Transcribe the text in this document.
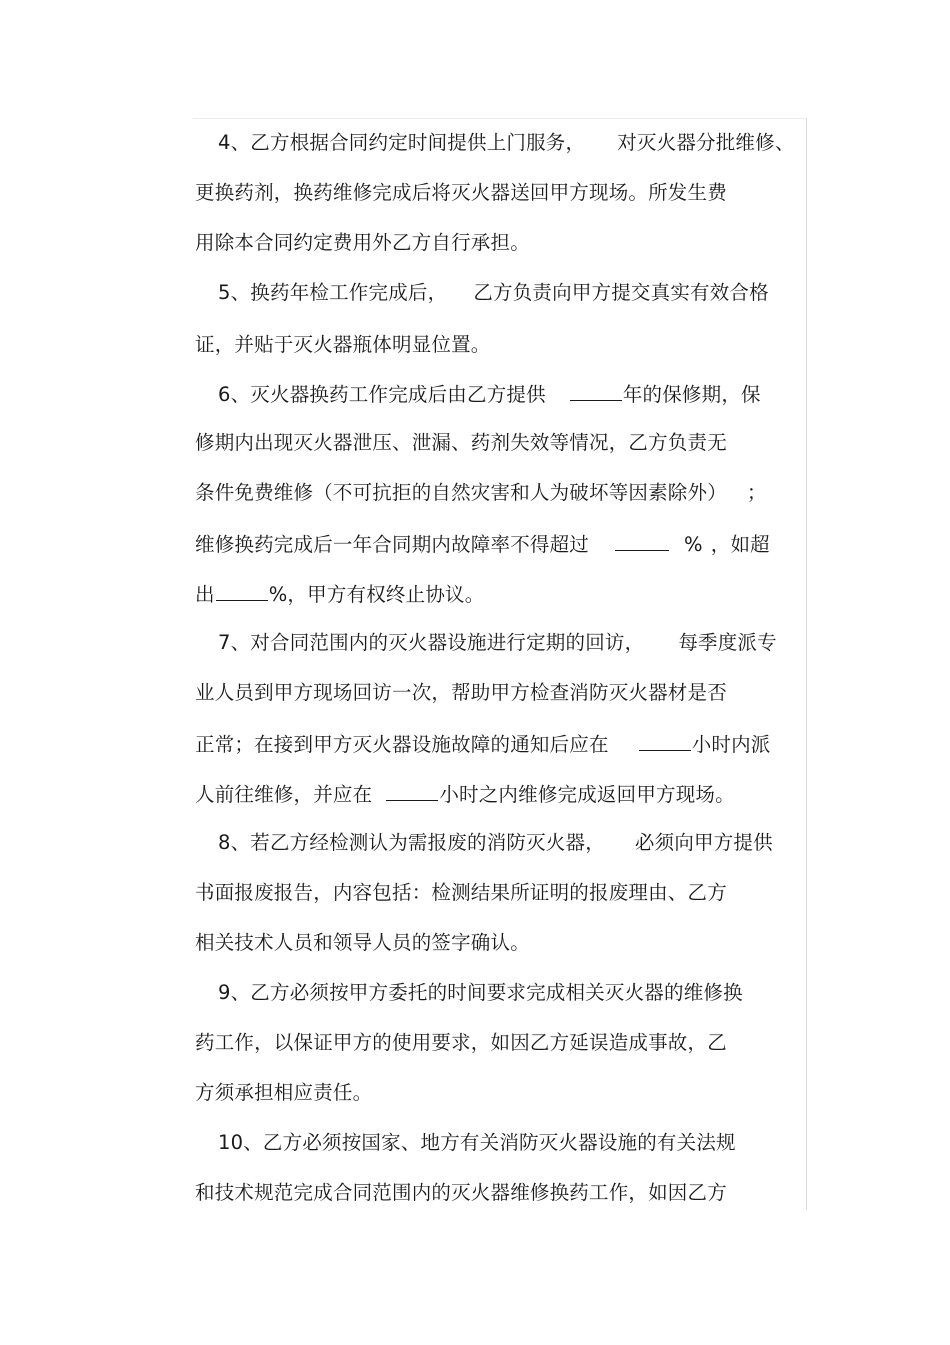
4、乙方根据合同约定时间提供上门服务， 对灭火器分批维修、
更换药剂，换药维修完成后将灭火器送回甲方现场。所发生费
用除本合同约定费用外乙方自行承担。
5、换药年检工作完成后， 乙方负责向甲方提交真实有效合格
证，并贴于灭火器瓶体明显位置。
6、灭火器换药工作完成后由乙方提供	年的保修期，保
修期内出现灭火器泄压、泄漏、药剂失效等情况，乙方负责无
条件免费维修（不可抗拒的自然灾害和人为破坏等因素除外） ；
维修换药完成后一年合同期内故障率不得超过	% ，如超
出	%，甲方有权终止协议。
7、对合同范围内的灭火器设施进行定期的回访， 每季度派专
业人员到甲方现场回访一次，帮助甲方检查消防灭火器材是否
正常；在接到甲方灭火器设施故障的通知后应在	小时内派
人前往维修，并应在	小时之内维修完成返回甲方现场。
8、若乙方经检测认为需报废的消防灭火器， 必须向甲方提供
书面报废报告，内容包括：检测结果所证明的报废理由、乙方
相关技术人员和领导人员的签字确认。
9、乙方必须按甲方委托的时间要求完成相关灭火器的维修换
药工作，以保证甲方的使用要求，如因乙方延误造成事故，乙
方须承担相应责任。
10、乙方必须按国家、地方有关消防灭火器设施的有关法规
和技术规范完成合同范围内的灭火器维修换药工作，如因乙方
